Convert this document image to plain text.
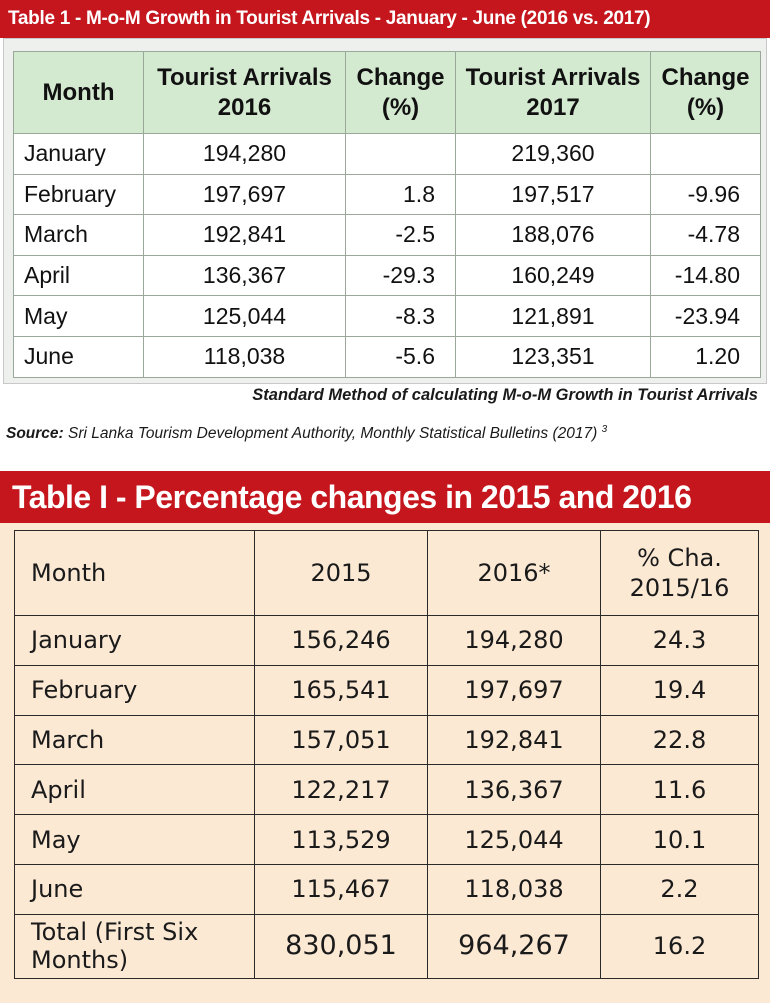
Table 1 - M-o-M Growth in Tourist Arrivals - January - June (2016 vs. 2017)
Month	Tourist Arrivals 2016	Change (%)	Tourist Arrivals 2017	Change (%)
January	194,280		219,360	
February	197,697	1.8	197,517	-9.96
March	192,841	-2.5	188,076	-4.78
April	136,367	-29.3	160,249	-14.80
May	125,044	-8.3	121,891	-23.94
June	118,038	-5.6	123,351	1.20
Standard Method of calculating M-o-M Growth in Tourist Arrivals
Source: Sri Lanka Tourism Development Authority, Monthly Statistical Bulletins (2017) $^3$
Table I - Percentage changes in 2015 and 2016
Month	2015	2016*	% Cha. 2015/16
January	156,246	194,280	24.3
February	165,541	197,697	19.4
March	157,051	192,841	22.8
April	122,217	136,367	11.6
May	113,529	125,044	10.1
June	115,467	118,038	2.2
Total (First Six Months)	830,051	964,267	16.2
